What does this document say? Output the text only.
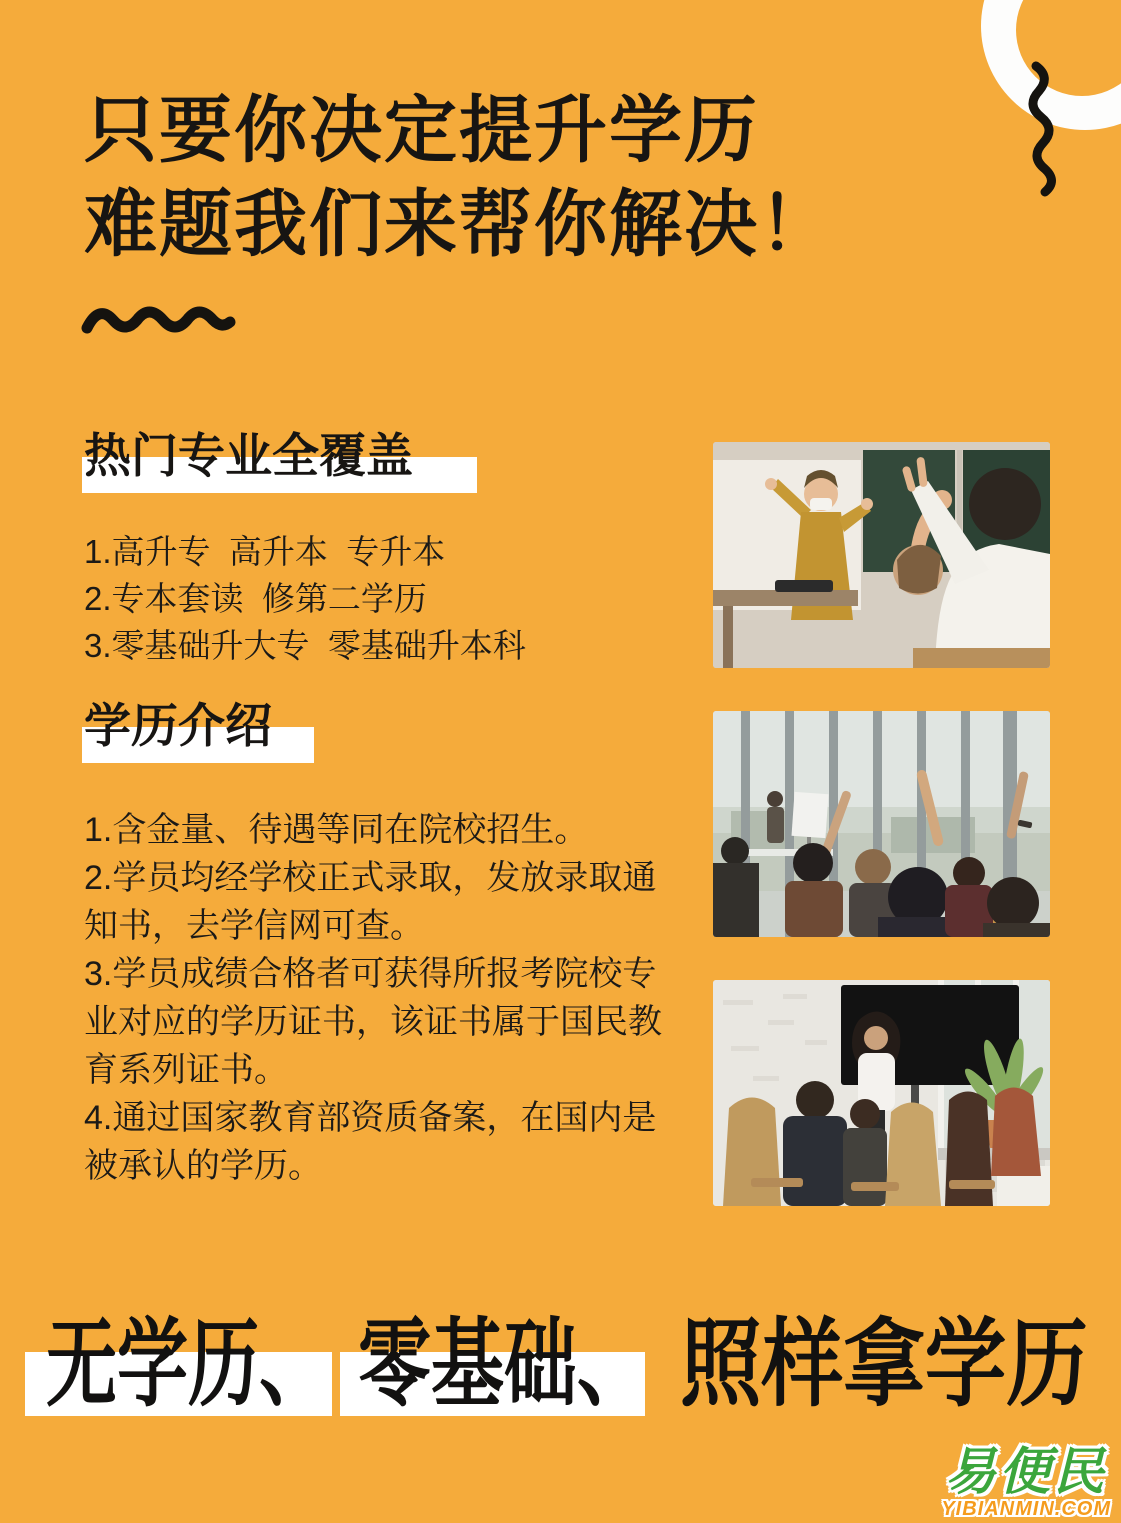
只要你决定提升学历
难题我们来帮你解决！
热门专业全覆盖
1.高升专  高升本  专升本
2.专本套读  修第二学历
3.零基础升大专  零基础升本科
学历介绍
1.含金量、待遇等同在院校招生。
2.学员均经学校正式录取，发放录取通知书，去学信网可查。
3.学员成绩合格者可获得所报考院校专业对应的学历证书，该证书属于国民教育系列证书。
4.通过国家教育部资质备案，在国内是被承认的学历。
无学历、 零基础、 照样拿学历
易便民
YIBIANMIN.COM
